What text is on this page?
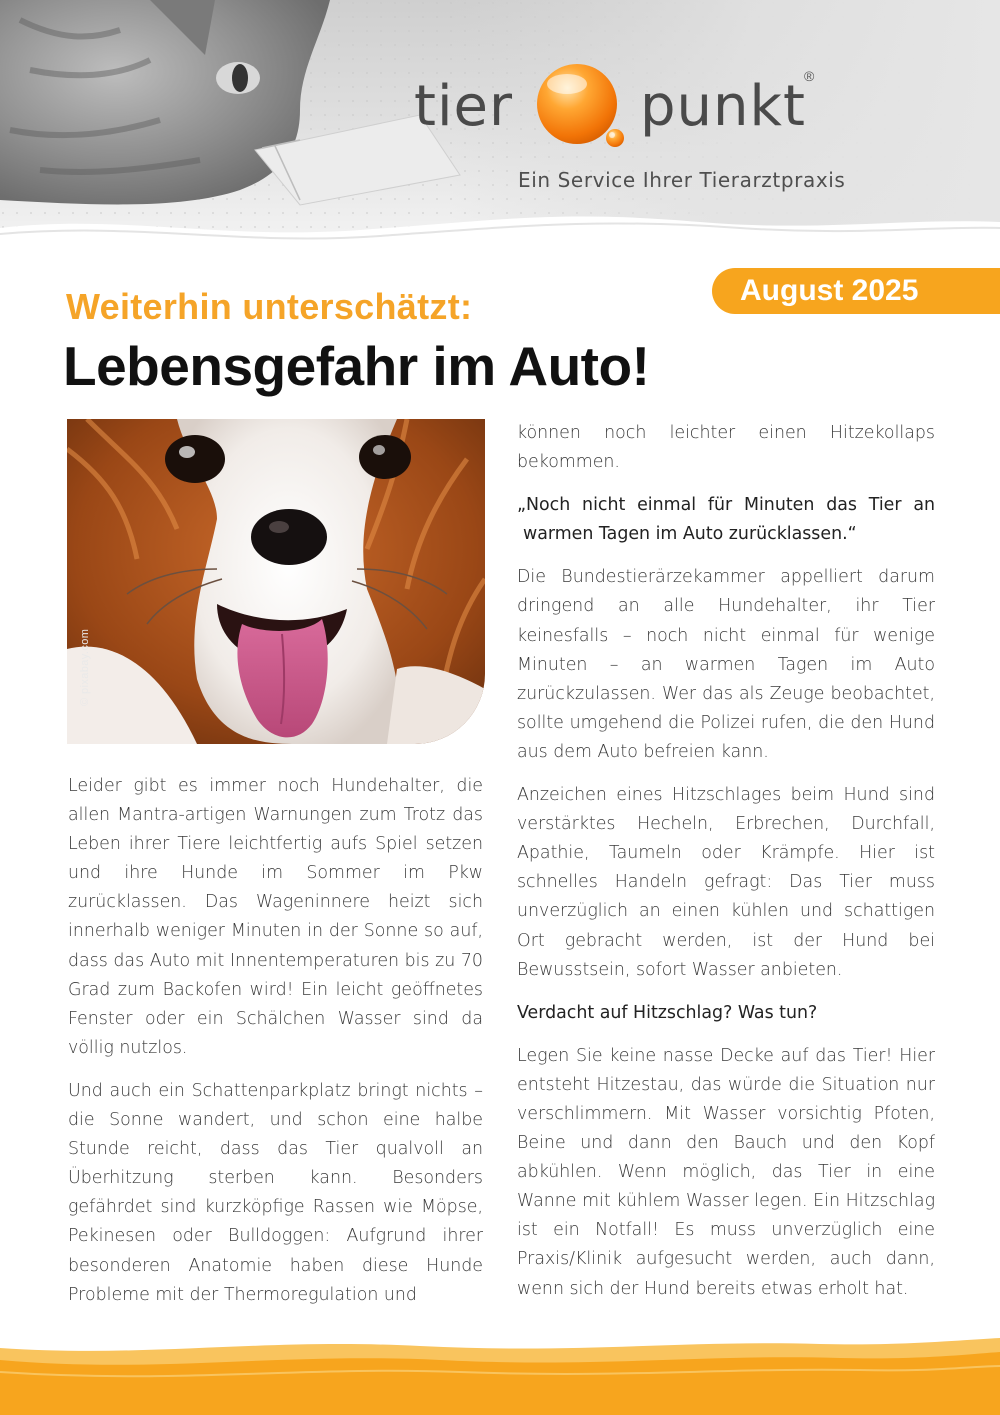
tier punkt
®
Ein Service Ihrer Tierarztpraxis
August 2025
Weiterhin unterschätzt:
Lebensgefahr im Auto!
© pixabay.com

Leider gibt es immer noch Hundehalter, die allen Mantra-artigen Warnungen zum Trotz das Leben ihrer Tiere leichtfertig aufs Spiel setzen und ihre Hunde im Sommer im Pkw zurücklassen. Das Wageninnere heizt sich innerhalb weniger Minuten in der Sonne so auf, dass das Auto mit Innentemperaturen bis zu 70 Grad zum Backofen wird! Ein leicht geöffnetes Fenster oder ein Schälchen Wasser sind da völlig nutzlos.

Und auch ein Schattenparkplatz bringt nichts – die Sonne wandert, und schon eine halbe Stunde reicht, dass das Tier qualvoll an Überhitzung sterben kann. Besonders gefährdet sind kurzköpfige Rassen wie Möpse, Pekinesen oder Bulldoggen: Aufgrund ihrer besonderen Anatomie haben diese Hunde Probleme mit der Thermoregulation und

können noch leichter einen Hitzekollaps bekommen.

„Noch nicht einmal für Minuten das Tier an warmen Tagen im Auto zurücklassen.“

Die Bundestierärzekammer appelliert darum dringend an alle Hundehalter, ihr Tier keinesfalls – noch nicht einmal für wenige Minuten – an warmen Tagen im Auto zurückzulassen. Wer das als Zeuge beobachtet, sollte umgehend die Polizei rufen, die den Hund aus dem Auto befreien kann.

Anzeichen eines Hitzschlages beim Hund sind verstärktes Hecheln, Erbrechen, Durchfall, Apathie, Taumeln oder Krämpfe. Hier ist schnelles Handeln gefragt: Das Tier muss unverzüglich an einen kühlen und schattigen Ort gebracht werden, ist der Hund bei Bewusstsein, sofort Wasser anbieten.

Verdacht auf Hitzschlag? Was tun?

Legen Sie keine nasse Decke auf das Tier! Hier entsteht Hitzestau, das würde die Situation nur verschlimmern. Mit Wasser vorsichtig Pfoten, Beine und dann den Bauch und den Kopf abkühlen. Wenn möglich, das Tier in eine Wanne mit kühlem Wasser legen. Ein Hitzschlag ist ein Notfall! Es muss unverzüglich eine Praxis/Klinik aufgesucht werden, auch dann, wenn sich der Hund bereits etwas erholt hat.
